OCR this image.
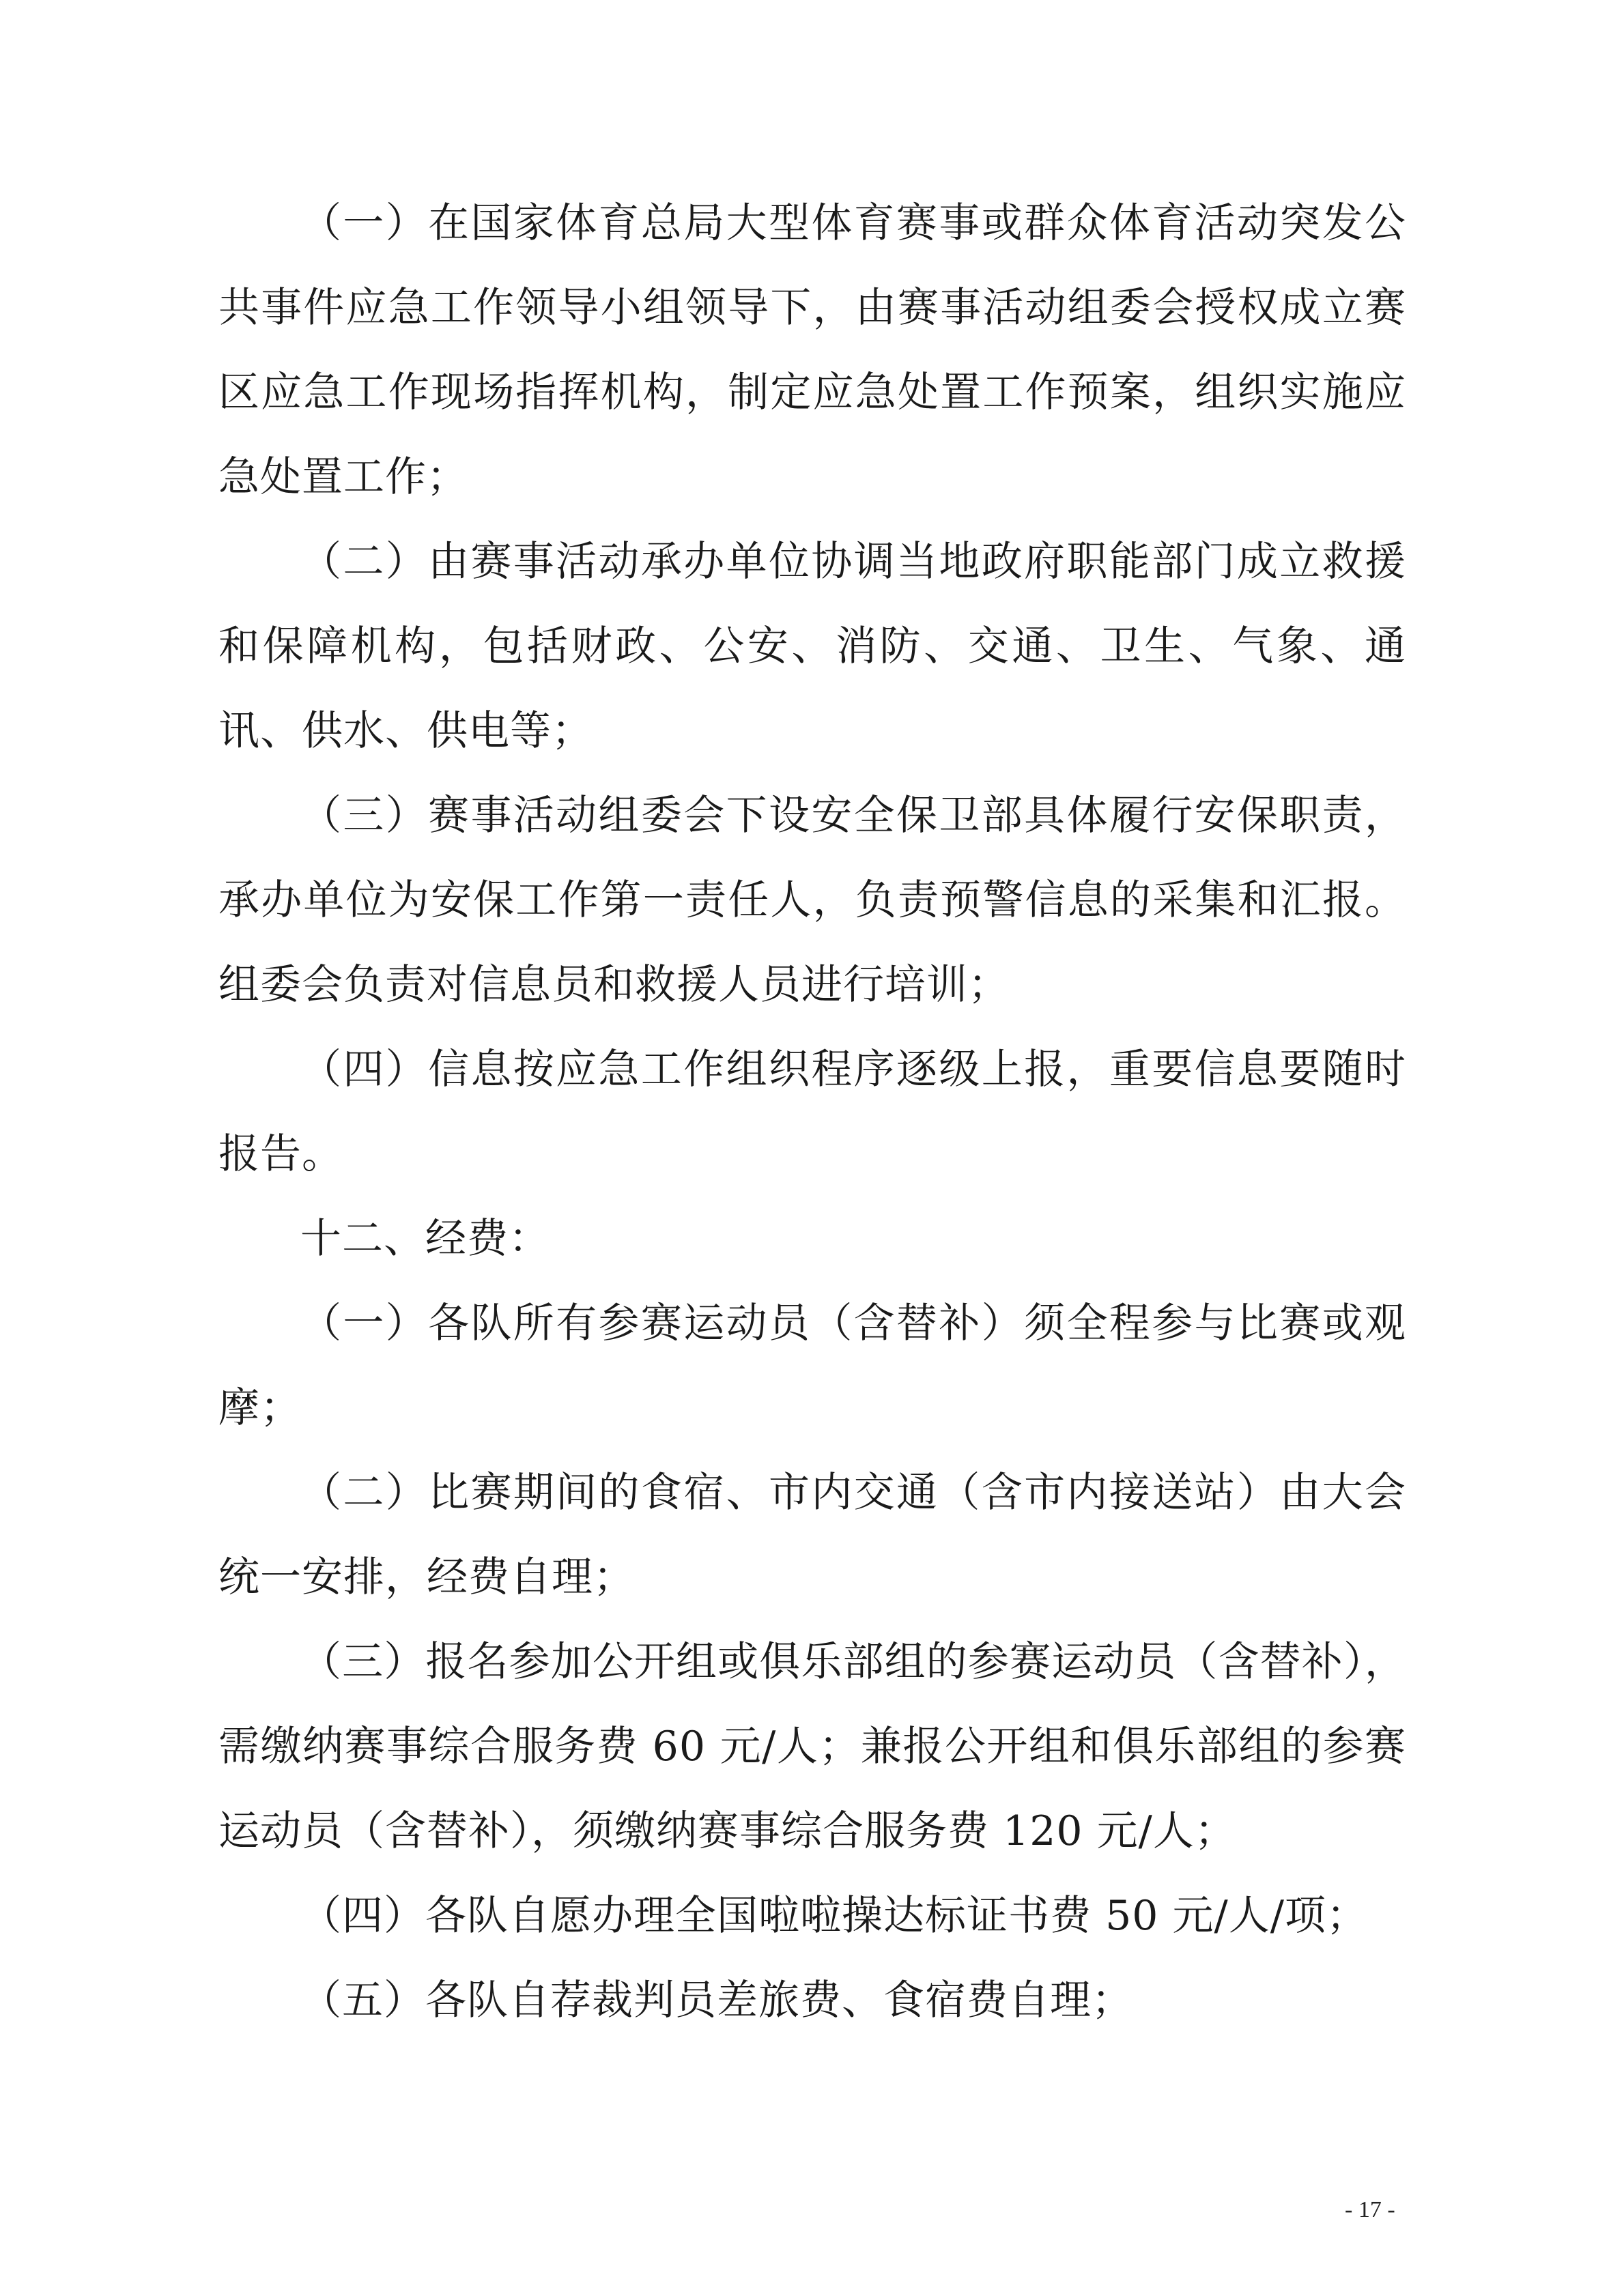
（一）在国家体育总局大型体育赛事或群众体育活动突发公共事件应急工作领导小组领导下，由赛事活动组委会授权成立赛区应急工作现场指挥机构，制定应急处置工作预案，组织实施应急处置工作；

（二）由赛事活动承办单位协调当地政府职能部门成立救援和保障机构，包括财政、公安、消防、交通、卫生、气象、通讯、供水、供电等；

（三）赛事活动组委会下设安全保卫部具体履行安保职责，承办单位为安保工作第一责任人，负责预警信息的采集和汇报。组委会负责对信息员和救援人员进行培训；

（四）信息按应急工作组织程序逐级上报，重要信息要随时报告。

十二、经费：

（一）各队所有参赛运动员（含替补）须全程参与比赛或观摩；

（二）比赛期间的食宿、市内交通（含市内接送站）由大会统一安排，经费自理；

（三）报名参加公开组或俱乐部组的参赛运动员（含替补），需缴纳赛事综合服务费 60 元/人；兼报公开组和俱乐部组的参赛运动员（含替补），须缴纳赛事综合服务费 120 元/人；

（四）各队自愿办理全国啦啦操达标证书费 50 元/人/项；

（五）各队自荐裁判员差旅费、食宿费自理；

- 17 -
